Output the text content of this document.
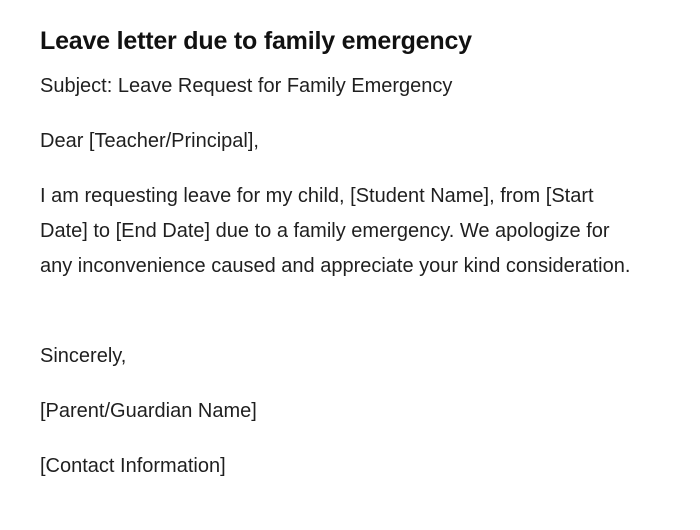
Leave letter due to family emergency

Subject: Leave Request for Family Emergency

Dear [Teacher/Principal],

I am requesting leave for my child, [Student Name], from [Start Date] to [End Date] due to a family emergency. We apologize for any inconvenience caused and appreciate your kind consideration.

Sincerely,

[Parent/Guardian Name]

[Contact Information]
